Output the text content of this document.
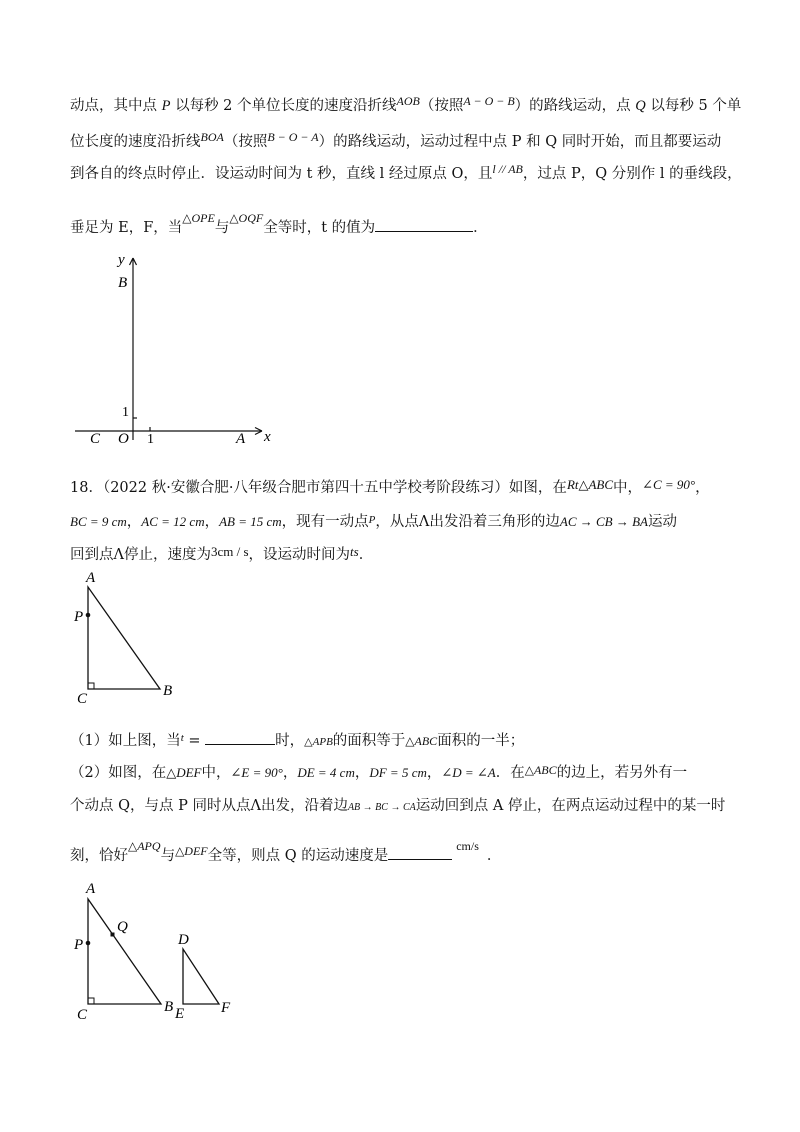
动点，其中点 P 以每秒 2 个单位长度的速度沿折线$^{AOB}$（按照$^{A - O - B}$）的路线运动，点 Q 以每秒 5 个单
位长度的速度沿折线$^{BOA}$（按照$^{B - O - A}$）的路线运动，运动过程中点 P 和 Q 同时开始，而且都要运动
到各自的终点时停止．设运动时间为 t 秒，直线 l 经过原点 O，且$^{l // AB}$，过点 P，Q 分别作 l 的垂线段，
垂足为 E，F，当$^{\triangle OPE}$与$^{\triangle OQF}$全等时，t 的值为	．
y
x
B
1
C O 1	A
18．（2022 秋·安徽合肥·八年级合肥市第四十五中学校考阶段练习）如图，在Rt△ABC中，∠C = 90°，
BC = 9 cm，AC = 12 cm，AB = 15 cm，现有一动点$^P$，从点Λ出发沿着三角形的边AC → CB → BA运动
回到点Λ停止，速度为3cm / s，设运动时间为ts．
A
P
C	B
（1）如上图，当$^t$ =	时，△APB的面积等于△ABC面积的一半；
（2）如图，在△DEF中，∠E = 90°，DE = 4 cm，DF = 5 cm，∠D = ∠A．在$^{\triangle ABC}$的边上，若另外有一
个动点 Q，与点 P 同时从点Λ出发，沿着边AB → BC → CA运动回到点 A 停止，在两点运动过程中的某一时
刻，恰好$^{\triangle APQ}$与$^{\triangle DEF}$全等，则点 Q 的运动速度是$^{cm/s}$．
A
Q
P
C	B
D
E F
